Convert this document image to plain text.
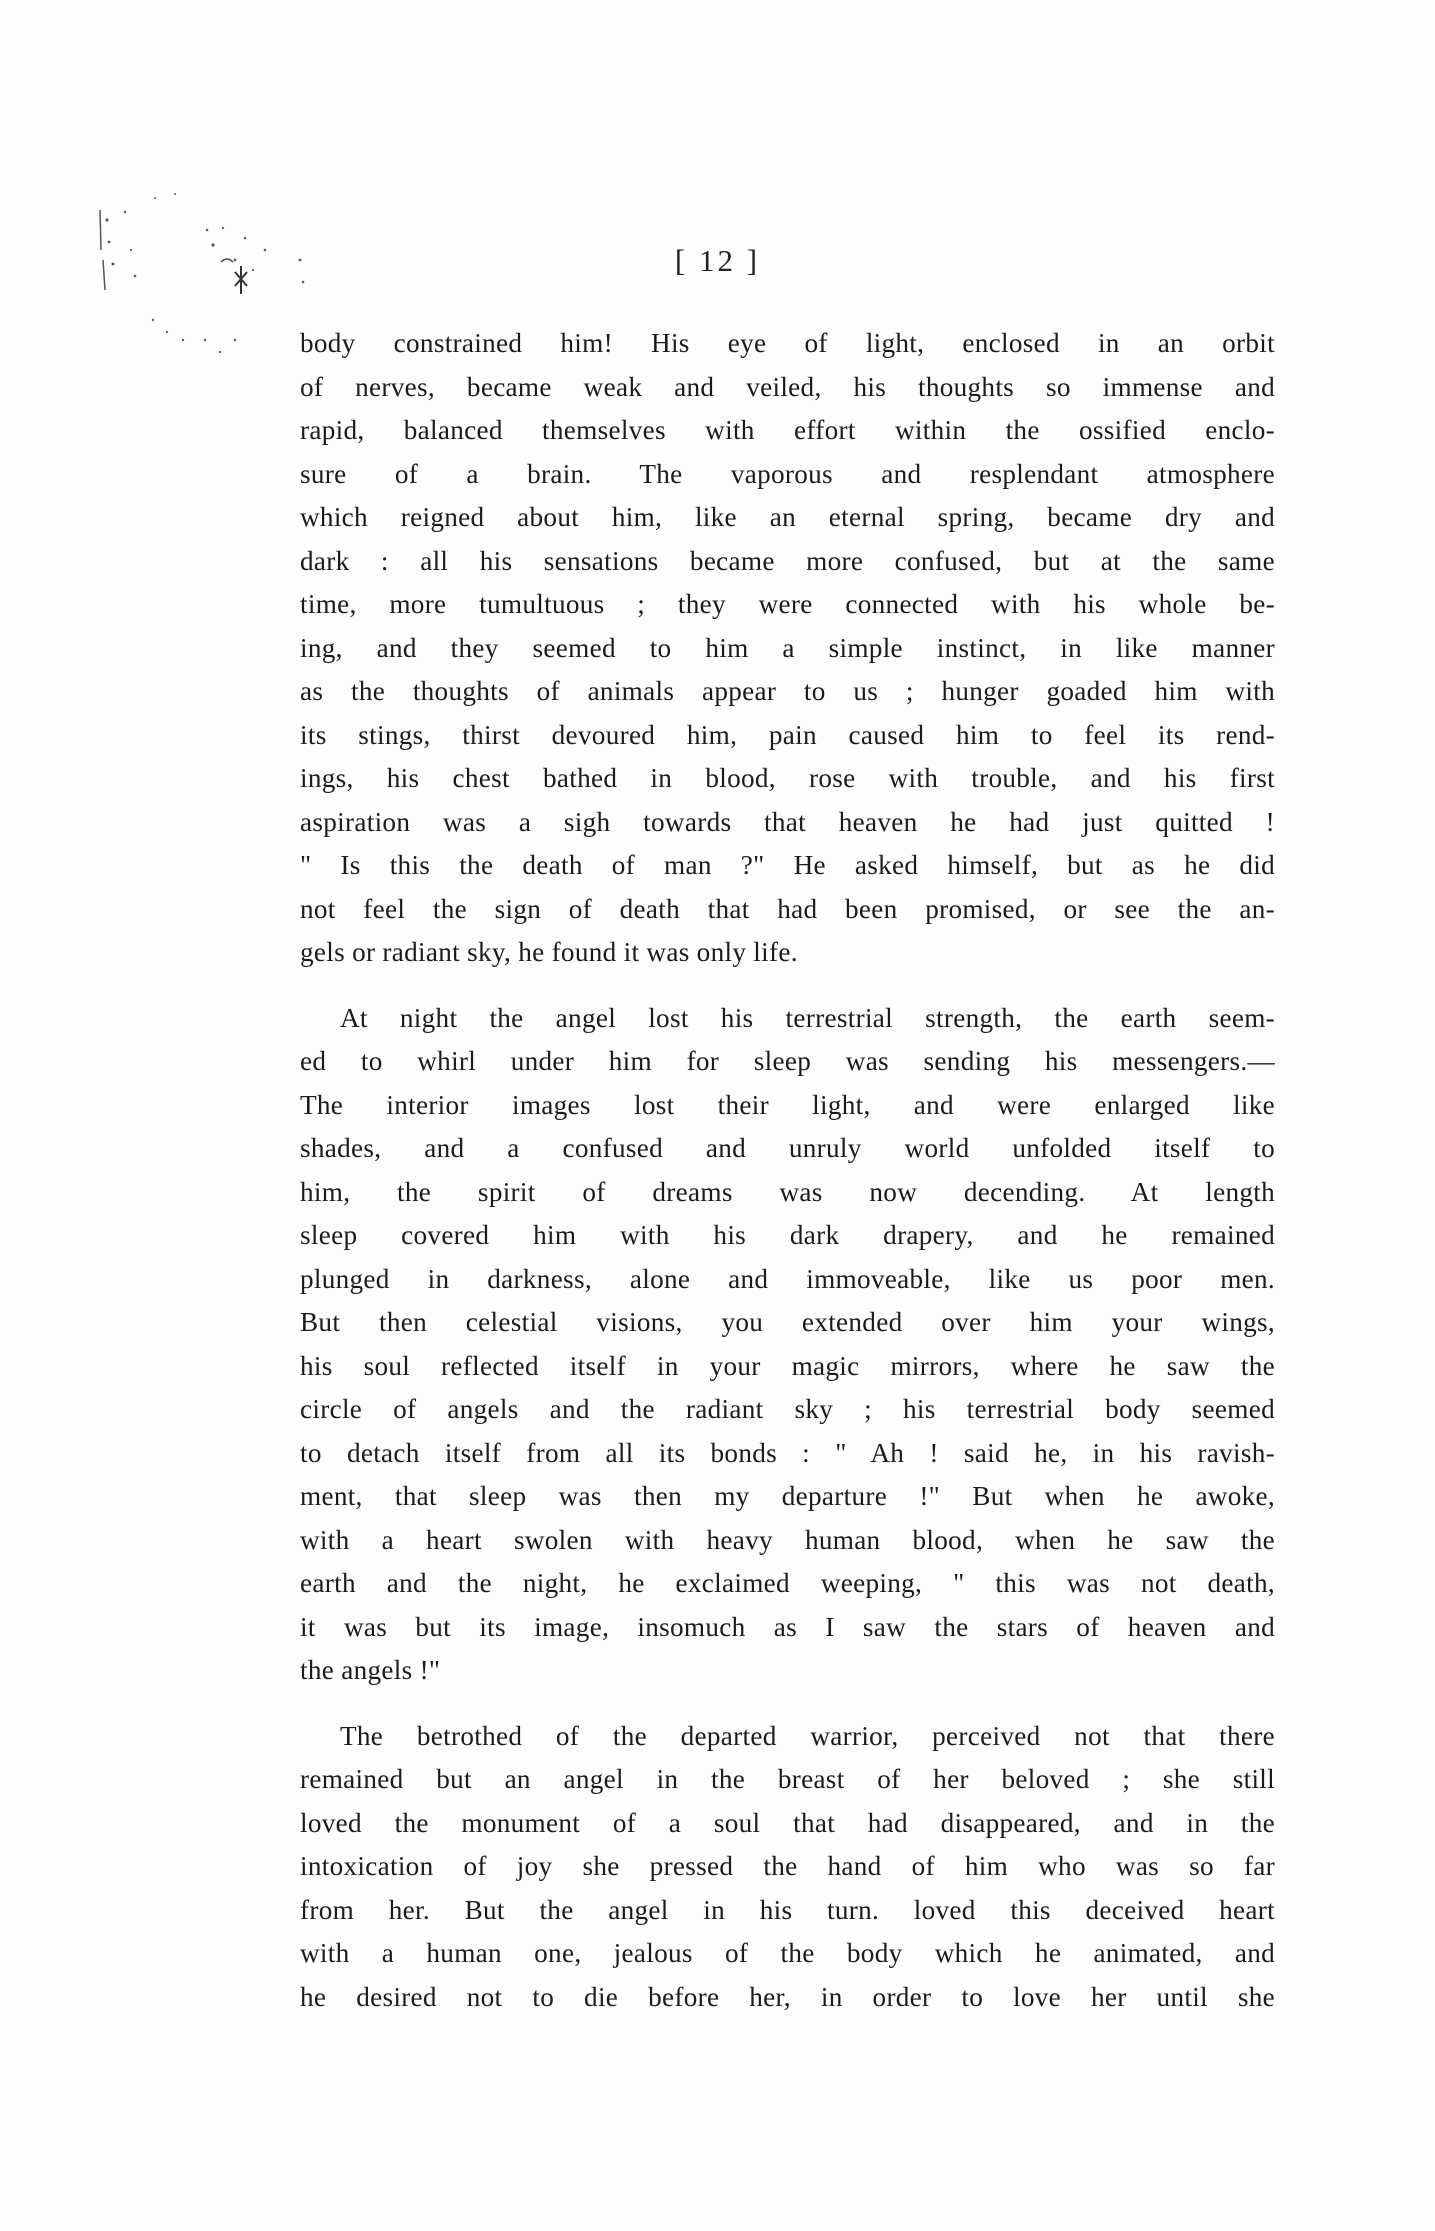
[ 12 ]

body constrained him! His eye of light, enclosed in an orbit

of nerves, became weak and veiled, his thoughts so immense and

rapid, balanced themselves with effort within the ossified enclo-

sure of a brain. The vaporous and resplendant atmosphere

which reigned about him, like an eternal spring, became dry and

dark : all his sensations became more confused, but at the same

time, more tumultuous ; they were connected with his whole be-

ing, and they seemed to him a simple instinct, in like manner

as the thoughts of animals appear to us ; hunger goaded him with

its stings, thirst devoured him, pain caused him to feel its rend-

ings, his chest bathed in blood, rose with trouble, and his first

aspiration was a sigh towards that heaven he had just quitted !

" Is this the death of man ?" He asked himself, but as he did

not feel the sign of death that had been promised, or see the an-

gels or radiant sky, he found it was only life.

At night the angel lost his terrestrial strength, the earth seem-

ed to whirl under him for sleep was sending his messengers.—

The interior images lost their light, and were enlarged like

shades, and a confused and unruly world unfolded itself to

him, the spirit of dreams was now decending. At length

sleep covered him with his dark drapery, and he remained

plunged in darkness, alone and immoveable, like us poor men.

But then celestial visions, you extended over him your wings,

his soul reflected itself in your magic mirrors, where he saw the

circle of angels and the radiant sky ; his terrestrial body seemed

to detach itself from all its bonds : " Ah ! said he, in his ravish-

ment, that sleep was then my departure !" But when he awoke,

with a heart swolen with heavy human blood, when he saw the

earth and the night, he exclaimed weeping, " this was not death,

it was but its image, insomuch as I saw the stars of heaven and

the angels !"

The betrothed of the departed warrior, perceived not that there

remained but an angel in the breast of her beloved ; she still

loved the monument of a soul that had disappeared, and in the

intoxication of joy she pressed the hand of him who was so far

from her. But the angel in his turn. loved this deceived heart

with a human one, jealous of the body which he animated, and

he desired not to die before her, in order to love her until she
